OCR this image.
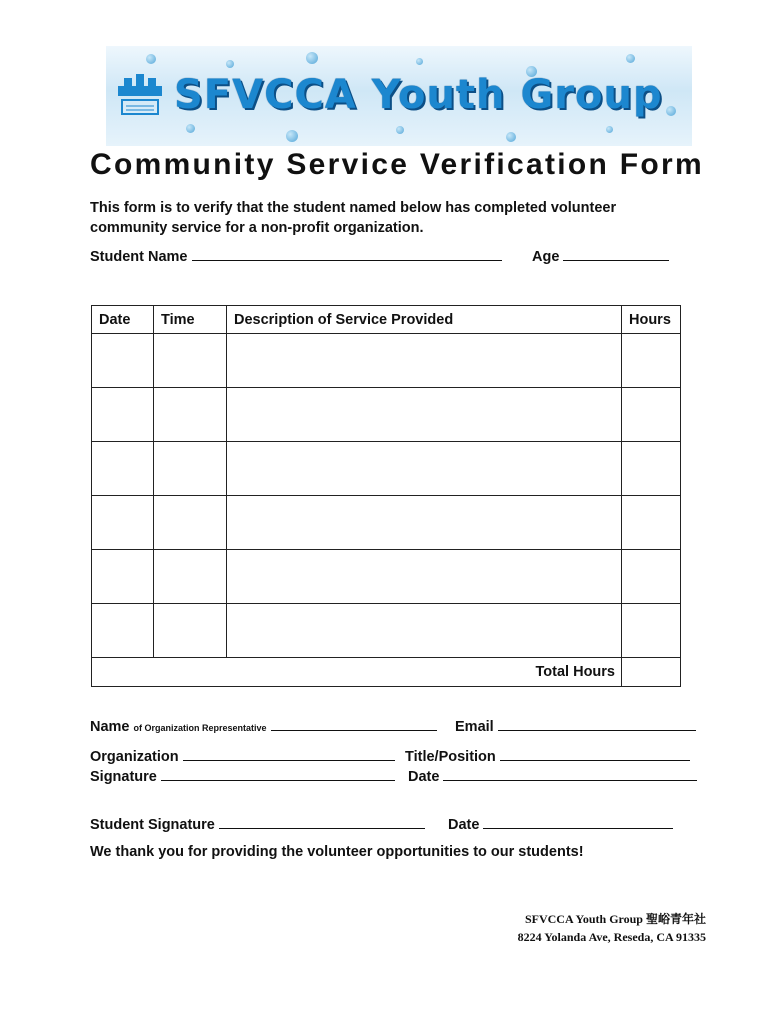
SFVCCA Youth Group
Community Service Verification Form
This form is to verify that the student named below has completed volunteer community service for a non-profit organization.
Student Name	Age
Date	Time	Description of Service Provided	Hours

Total Hours			
Name of Organization Representative	Email
Organization	Title/Position
Signature	Date
Student Signature	Date
We thank you for providing the volunteer opportunities to our students!
SFVCCA Youth Group 聖峪青年社
8224 Yolanda Ave, Reseda, CA 91335
